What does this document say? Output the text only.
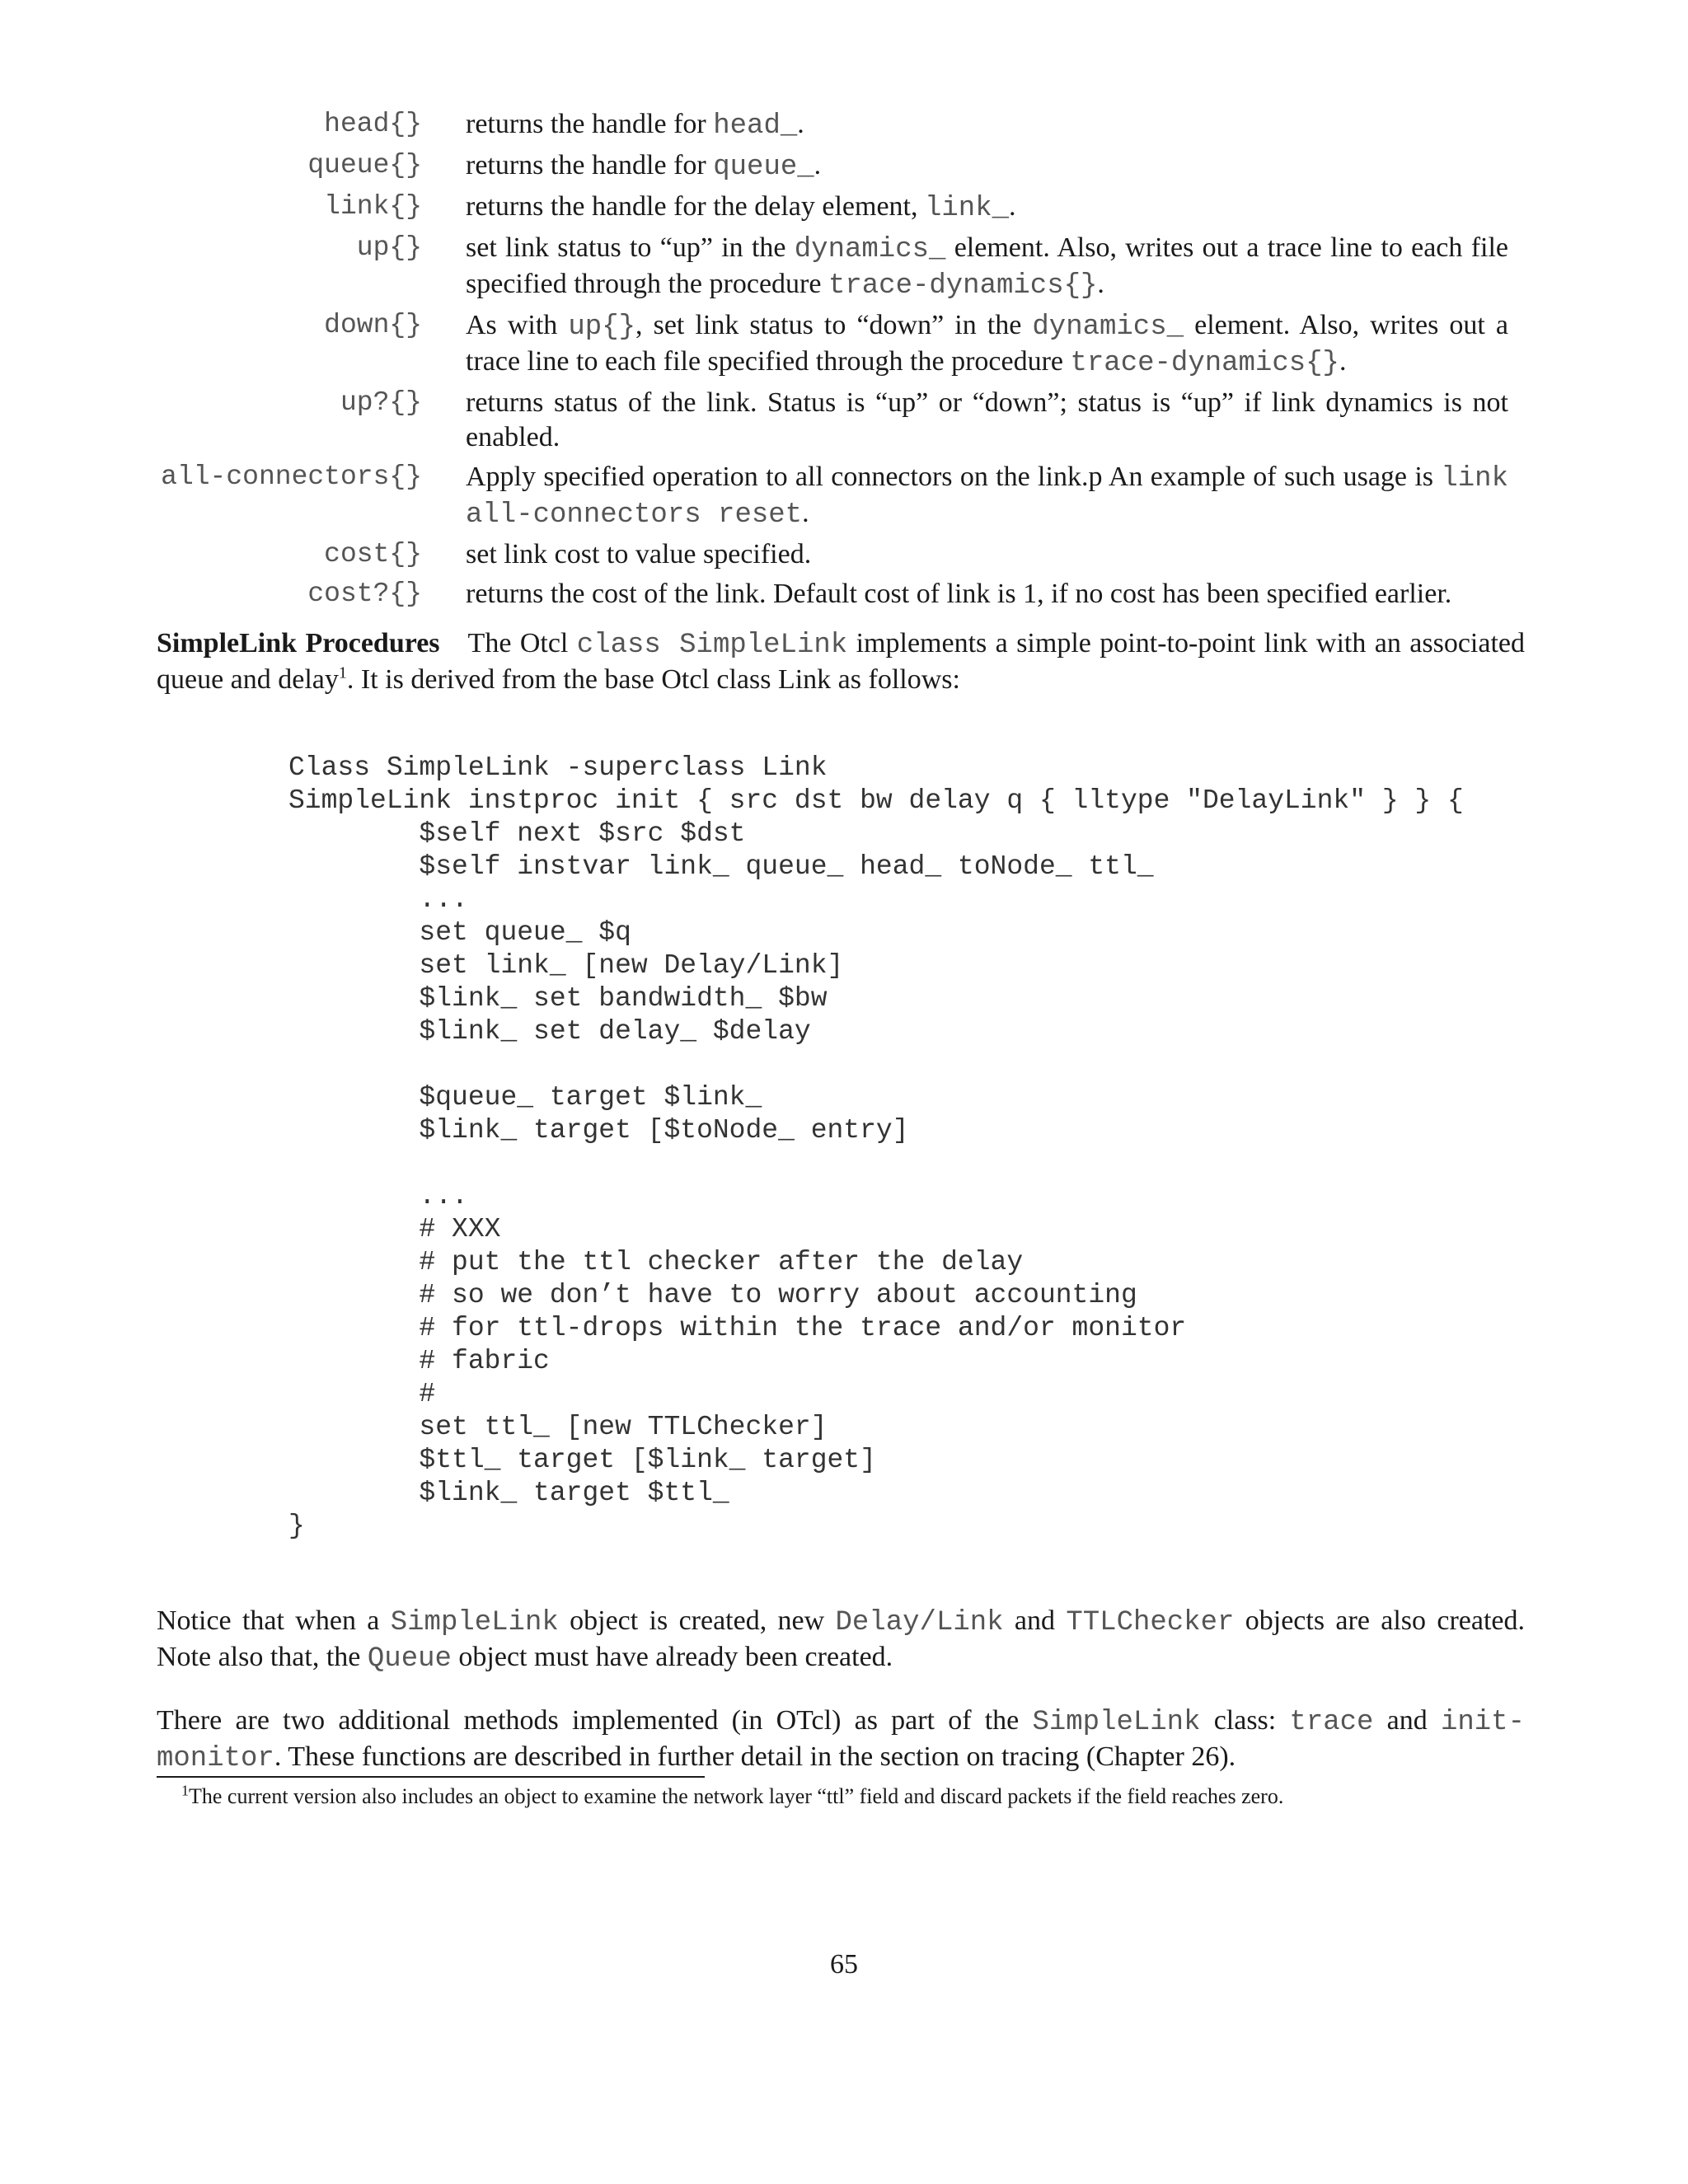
head{} returns the handle for head_.
queue{} returns the handle for queue_.
link{} returns the handle for the delay element, link_.
up{} set link status to “up” in the dynamics_ element. Also, writes out a trace line to each file specified through the procedure trace-dynamics{}.
down{} As with up{}, set link status to “down” in the dynamics_ element. Also, writes out a trace line to each file specified through the procedure trace-dynamics{}.
up?{} returns status of the link. Status is “up” or “down”; status is “up” if link dynamics is not enabled.
all-connectors{} Apply specified operation to all connectors on the link.p An example of such usage is link all-connectors reset.
cost{} set link cost to value specified.
cost?{} returns the cost of the link. Default cost of link is 1, if no cost has been specified earlier.
SimpleLink Procedures The Otcl class SimpleLink implements a simple point-to-point link with an associated queue and delay$^1$. It is derived from the base Otcl class Link as follows:
Class SimpleLink -superclass Link
SimpleLink instproc init { src dst bw delay q { lltype "DelayLink" } } {
$self next $src $dst
$self instvar link_ queue_ head_ toNode_ ttl_
...
set queue_ $q
set link_ [new Delay/Link]
$link_ set bandwidth_ $bw
$link_ set delay_ $delay

$queue_ target $link_
$link_ target [$toNode_ entry]

...
# XXX
# put the ttl checker after the delay
# so we don’t have to worry about accounting
# for ttl-drops within the trace and/or monitor
# fabric
#
set ttl_ [new TTLChecker]
$ttl_ target [$link_ target]
$link_ target $ttl_
}
Notice that when a SimpleLink object is created, new Delay/Link and TTLChecker objects are also created. Note also that, the Queue object must have already been created.
There are two additional methods implemented (in OTcl) as part of the SimpleLink class: trace and init-monitor. These functions are described in further detail in the section on tracing (Chapter 26).
$^1$The current version also includes an object to examine the network layer “ttl” field and discard packets if the field reaches zero.
65
